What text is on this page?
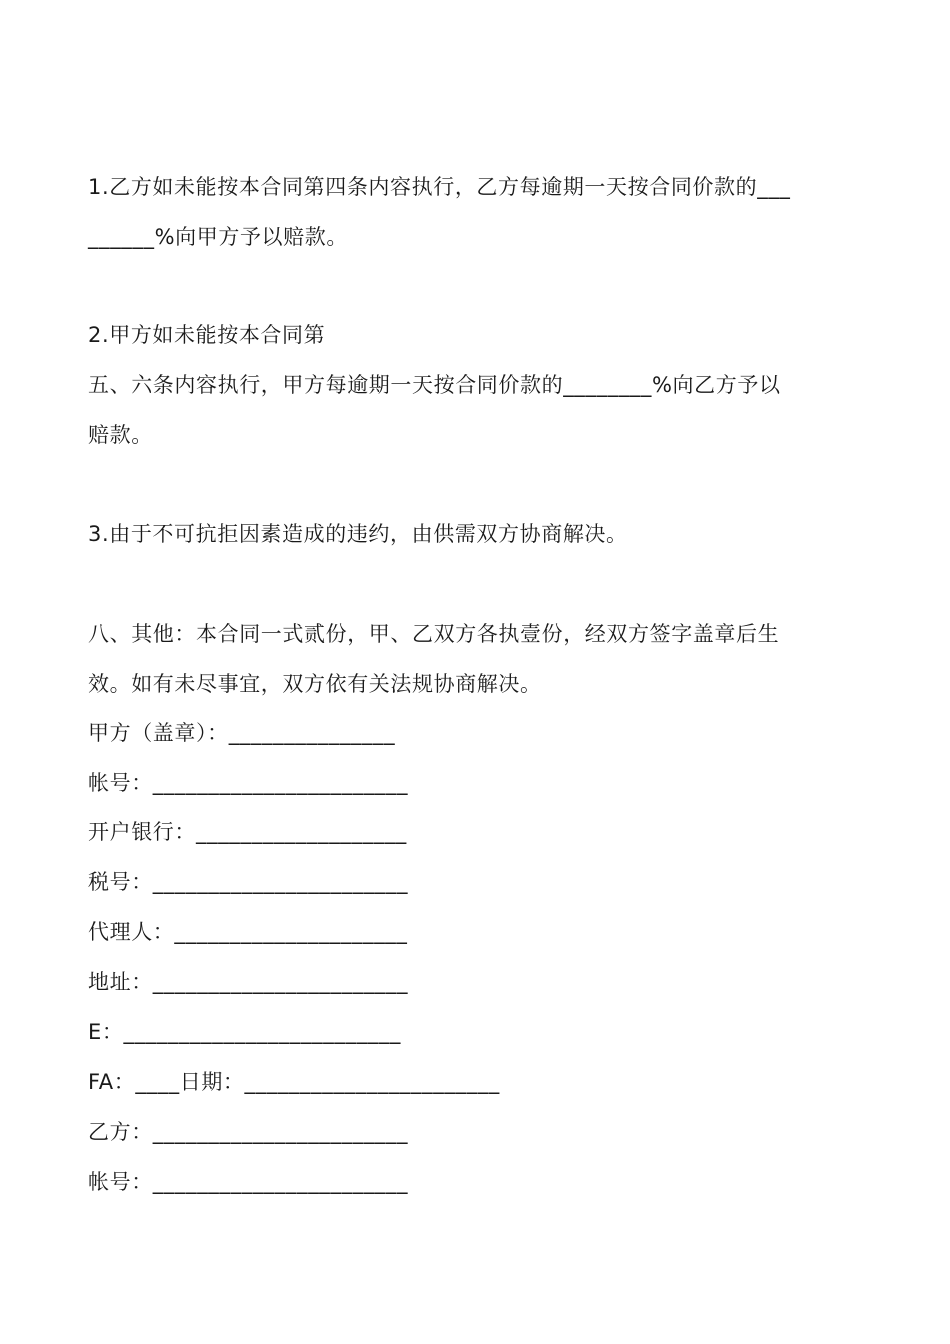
1.乙方如未能按本合同第四条内容执行，乙方每逾期一天按合同价款的___
______%向甲方予以赔款。
2.甲方如未能按本合同第
五、六条内容执行，甲方每逾期一天按合同价款的________%向乙方予以
赔款。
3.由于不可抗拒因素造成的违约，由供需双方协商解决。
八、其他：本合同一式贰份，甲、乙双方各执壹份，经双方签字盖章后生
效。如有未尽事宜，双方依有关法规协商解决。
甲方（盖章）：_______________
帐号：_______________________
开户银行：___________________
税号：_______________________
代理人：_____________________
地址：_______________________
E：_________________________
FA：____日期：_______________________
乙方：_______________________
帐号：_______________________
